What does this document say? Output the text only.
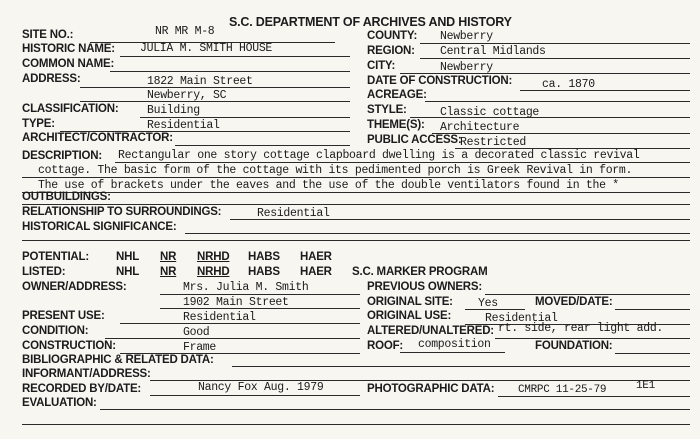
S.C. DEPARTMENT OF ARCHIVES AND HISTORY
SITE NO.:	NR MR M-8	COUNTY: Newberry
REGION: Central Midlands
CITY:	Newberry
DATE OF CONSTRUCTION:	ca. 1870
ACREAGE:
STYLE:	Classic cottage
THEME(S): Architecture
PUBLIC ACCESS:
Restricted
HISTORIC NAME: JULIA M. SMITH HOUSE
COMMON NAME:
ADDRESS:	1822 Main Street
Newberry, SC
CLASSIFICATION: Building
TYPE:	Residential
ARCHITECT/CONTRACTOR:
DESCRIPTION: Rectangular one story cottage clapboard dwelling is a decorated classic revival
cottage. The basic form of the cottage with its pedimented porch is Greek Revival in form.
The use of brackets under the eaves and the use of the double ventilators found in the *
OUTBUILDINGS:
RELATIONSHIP TO SURROUNDINGS:	Residential
HISTORICAL SIGNIFICANCE:
POTENTIAL: NHL NR NRHD HABS HAER
LISTED:	NHL NR NRHD HABS HAER S.C. MARKER PROGRAM
OWNER/ADDRESS:	Mrs. Julia M. Smith
1902 Main Street
PREVIOUS OWNERS:
ORIGINAL SITE: Yes	MOVED/DATE:
PRESENT USE:	Residential	ORIGINAL USE:	Residential
CONDITION:	Good	ALTERED/UNALTERED: rt. side, rear light add.
CONSTRUCTION:	Frame	ROOF: composition	FOUNDATION:
BIBLIOGRAPHIC & RELATED DATA:
INFORMANT/ADDRESS:
RECORDED BY/DATE:	Nancy Fox Aug. 1979	PHOTOGRAPHIC DATA: CMRPC 11-25-79	1E1
EVALUATION:
